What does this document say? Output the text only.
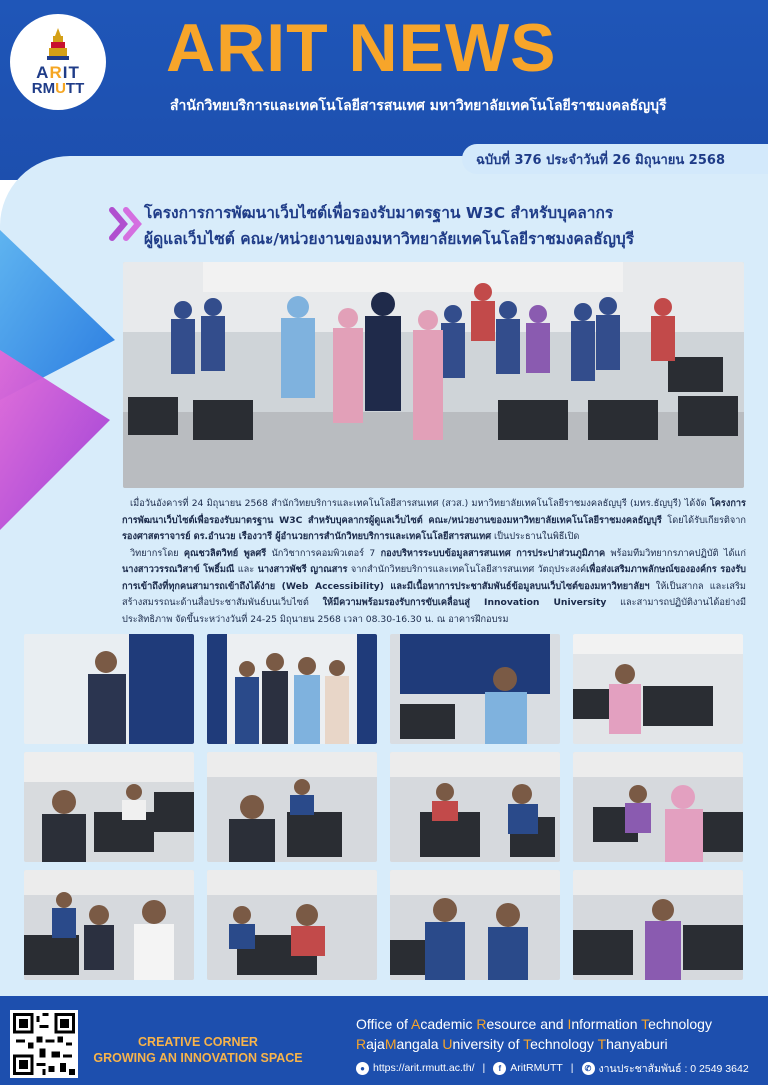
ARIT
RMUTT
ARIT NEWS
สำนักวิทยบริการและเทคโนโลยีสารสนเทศ มหาวิทยาลัยเทคโนโลยีราชมงคลธัญบุรี
ฉบับที่ 376 ประจำวันที่ 26 มิถุนายน 2568
โครงการการพัฒนาเว็บไซต์เพื่อรองรับมาตรฐาน W3C สำหรับบุคลากร
ผู้ดูแลเว็บไซต์ คณะ/หน่วยงานของมหาวิทยาลัยเทคโนโลยีราชมงคลธัญบุรี

เมื่อวันอังคารที่ 24 มิถุนายน 2568 สำนักวิทยบริการและเทคโนโลยีสารสนเทศ (สวส.) มหาวิทยาลัยเทคโนโลยีราชมงคลธัญบุรี (มทร.ธัญบุรี) ได้จัด โครงการการพัฒนาเว็บไซต์เพื่อรองรับมาตรฐาน W3C สำหรับบุคลากรผู้ดูแลเว็บไซต์ คณะ/หน่วยงานของมหาวิทยาลัยเทคโนโลยีราชมงคลธัญบุรี โดยได้รับเกียรติจาก รองศาสตราจารย์ ดร.อำนวย เรืองวารี ผู้อำนวยการสำนักวิทยบริการและเทคโนโลยีสารสนเทศ เป็นประธานในพิธีเปิด

วิทยากรโดย คุณชวลิตวิทย์ พูลศรี นักวิชาการคอมพิวเตอร์ 7 กองบริหารระบบข้อมูลสารสนเทศ การประปาส่วนภูมิภาค พร้อมทีมวิทยากรภาคปฏิบัติ ได้แก่ นางสาววรรณวิสาข์ โพธิ์มณี และ นางสาวพัชรี ญาณสาร จากสำนักวิทยบริการและเทคโนโลยีสารสนเทศ วัตถุประสงค์เพื่อส่งเสริมภาพลักษณ์ขององค์กร รองรับการเข้าถึงที่ทุกคนสามารถเข้าถึงได้ง่าย (Web Accessibility) และมีเนื้อหาการประชาสัมพันธ์ข้อมูลบนเว็บไซต์ของมหาวิทยาลัยฯ ให้เป็นสากล และเสริมสร้างสมรรถนะด้านสื่อประชาสัมพันธ์บนเว็บไซต์ ให้มีความพร้อมรองรับการขับเคลื่อนสู่ Innovation University และสามารถปฏิบัติงานได้อย่างมีประสิทธิภาพ จัดขึ้นระหว่างวันที่ 24-25 มิถุนายน 2568 เวลา 08.30-16.30 น. ณ อาคารฝึกอบรม

CREATIVE CORNER
GROWING AN INNOVATION SPACE
Office of Academic Resource and Information Technology
RajaMangala University of Technology Thanyaburi
● https://arit.rmutt.ac.th/ |	f AritRMUTT |	✆ งานประชาสัมพันธ์ : 0 2549 3642
